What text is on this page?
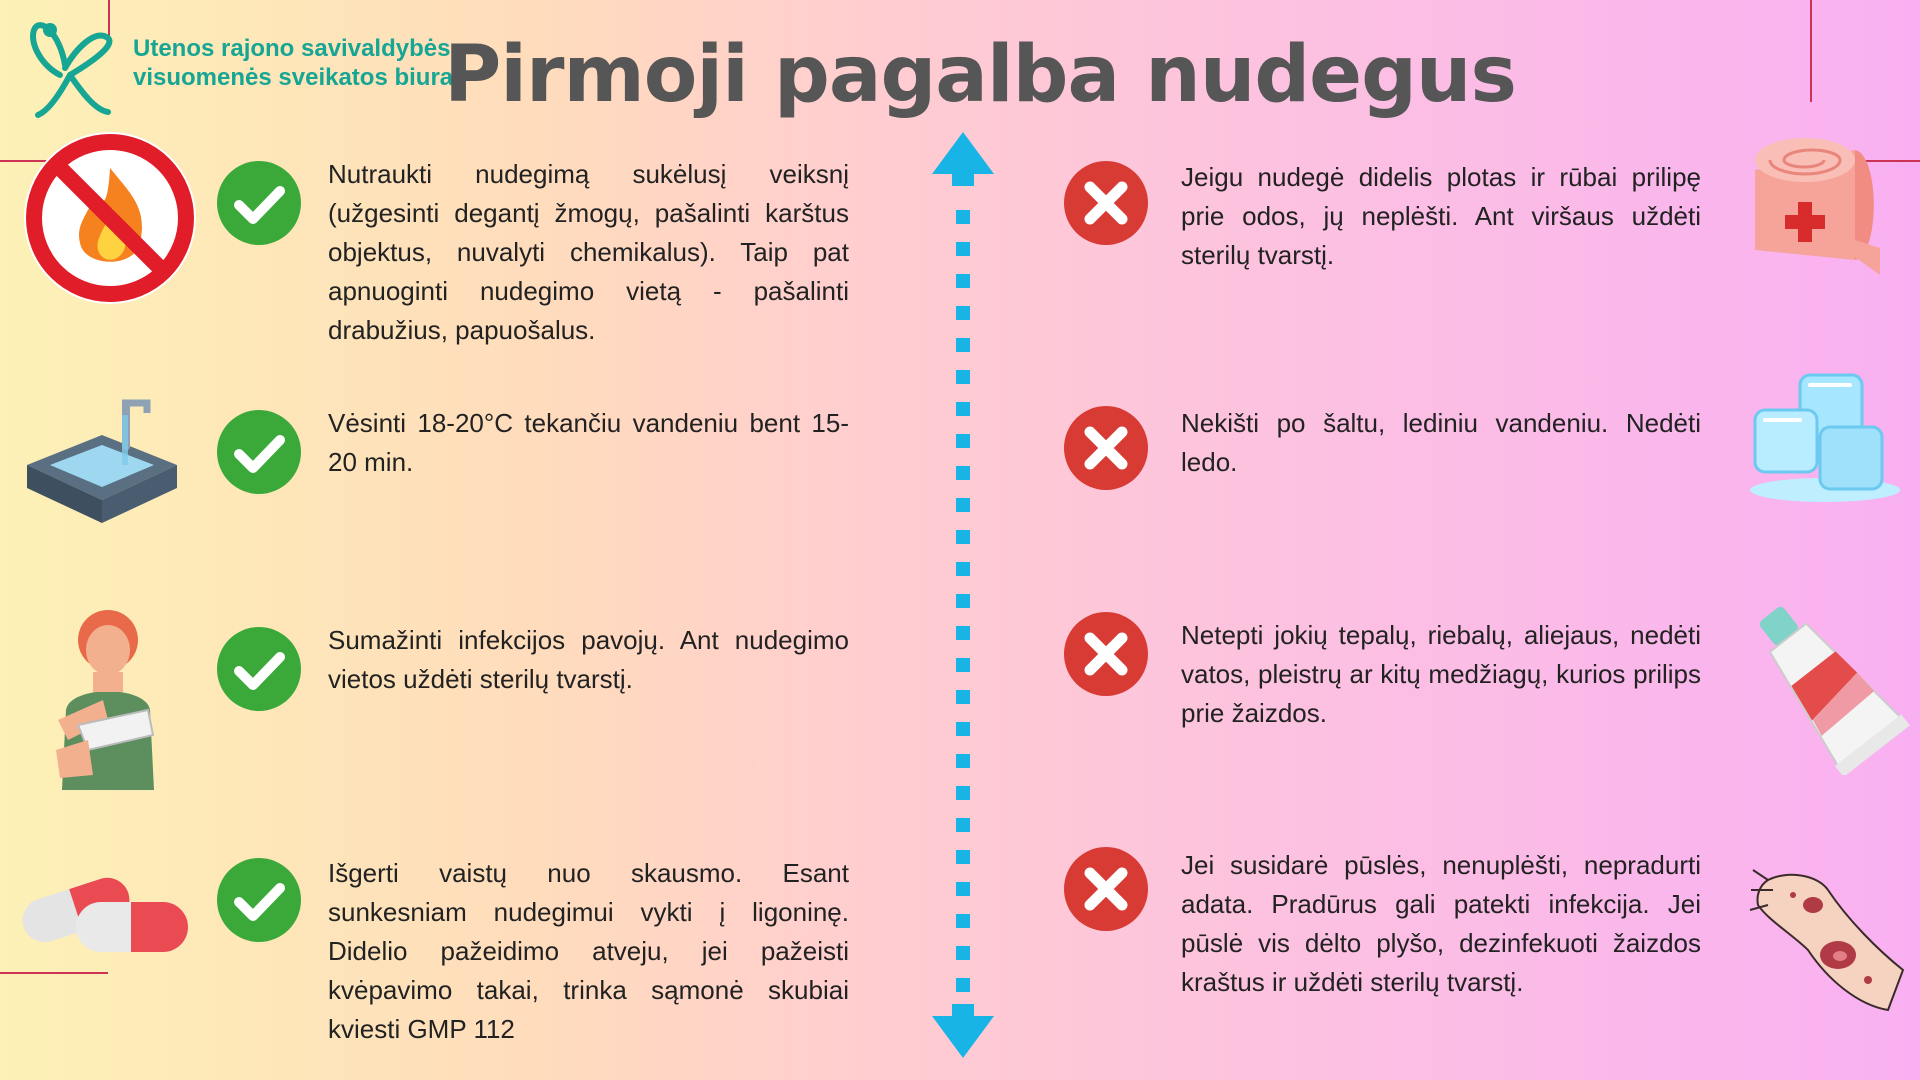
Utenos rajono savivaldybės
visuomenės sveikatos biuras
Pirmoji pagalba nudegus
Nutraukti nudegimą sukėlusį veiksnį (užgesinti degantį žmogų, pašalinti karštus objektus, nuvalyti chemikalus). Taip pat apnuoginti nudegimo vietą - pašalinti drabužius, papuošalus.
Vėsinti 18-20°C tekančiu vandeniu bent 15-20 min.
Sumažinti infekcijos pavojų. Ant nudegimo vietos uždėti sterilų tvarstį.
Išgerti vaistų nuo skausmo. Esant sunkesniam nudegimui vykti į ligoninę. Didelio pažeidimo atveju, jei pažeisti kvėpavimo takai, trinka sąmonė skubiai kviesti GMP 112
Jeigu nudegė didelis plotas ir rūbai prilipę prie odos, jų neplėšti. Ant viršaus uždėti sterilų tvarstį.
Nekišti po šaltu, lediniu vandeniu. Nedėti ledo.
Netepti jokių tepalų, riebalų, aliejaus, nedėti vatos, pleistrų ar kitų medžiagų, kurios prilips prie žaizdos.
Jei susidarė pūslės, nenuplėšti, nepradurti adata. Pradūrus gali patekti infekcija. Jei pūslė vis dėlto plyšo, dezinfekuoti žaizdos kraštus ir uždėti sterilų tvarstį.
